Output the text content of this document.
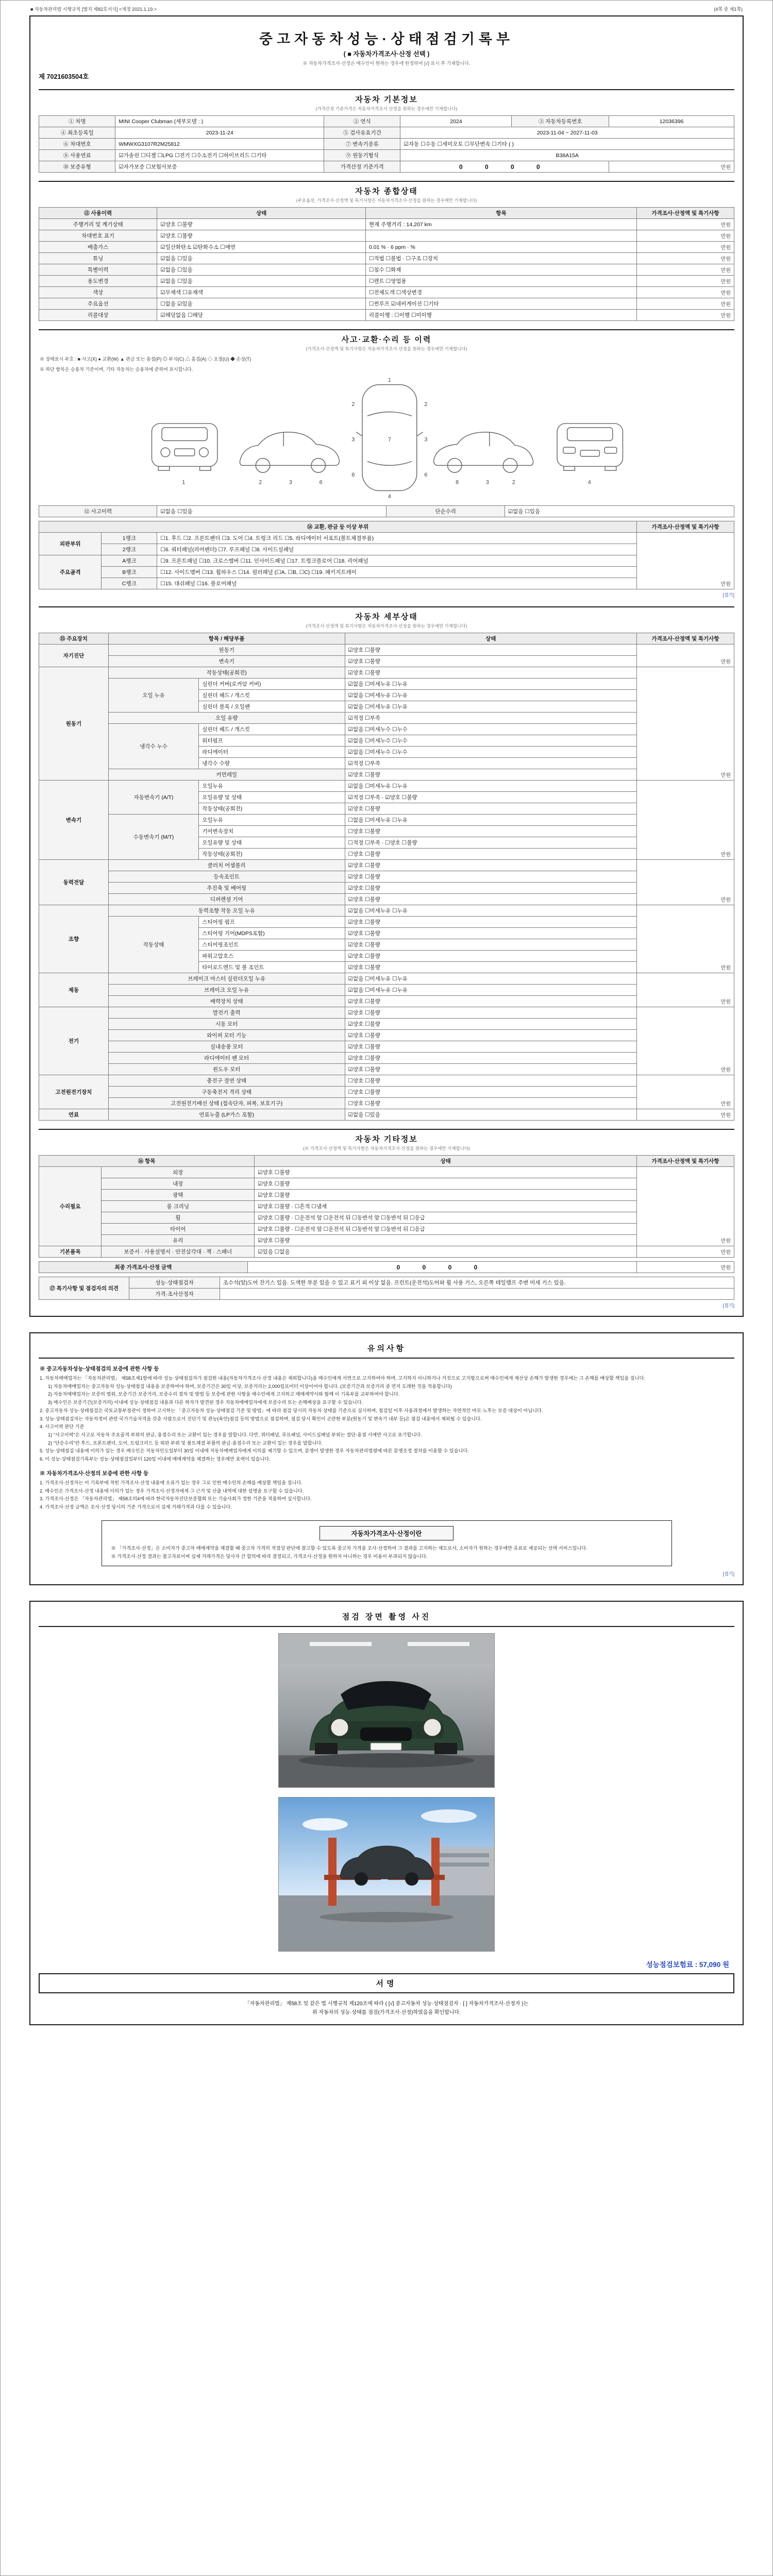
■ 자동차관리법 시행규칙 [별지 제82호서식] <개정 2021.1.19.>	(4쪽 중 제1쪽)
중고자동차성능·상태점검기록부
( ■ 자동차가격조사·산정 선택 )
※ 자동차가격조사·산정은 매수인이 원하는 경우에 한정하여 [√] 표시 후 기재합니다.
제 7021603504호
자동차 기본정보
(가격산정 기준가격은 자동차가격조사·산정을 원하는 경우에만 기재합니다)
① 차명	MINI Cooper Clubman (세부모델 : )	② 연식	2024	③ 자동차등록번호	12036396
④ 최초등록일	2023-11-24	⑤ 검사유효기간	2023-11-04 ~ 2027-11-03		
⑥ 차대번호	WMWXG3107R2M25812	⑦ 변속기종류	☑자동 ☐수동 ☐세미오토 ☐무단변속 ☐기타 ( )		
⑧ 사용연료	☑가솔린 ☐디젤 ☐LPG ☐전기 ☐수소전기 ☐하이브리드 ☐기타	⑨ 원동기형식	B38A15A		
⑩ 보증유형	☑자가보증 ☐보험사보증	가격산정 기준가격	0 0 0 0		만원
자동차 종합상태
(주요옵션, 가격조사·산정액 및 특기사항은 자동차가격조사·산정을 원하는 경우에만 기재합니다)
⑪ 사용이력	상태	항목	가격조사·산정액 및 특기사항
주행거리 및 계기상태	☑양호 ☐불량	현재 주행거리 : 14,207 km	만원
차대번호 표기	☑양호 ☐불량		만원
배출가스	☑일산화탄소 ☑탄화수소 ☐매연	0.01 % · 6 ppm · %	만원
튜닝	☑없음 ☐있음	☐적법 ☐불법 · ☐구조 ☐장치	만원
특별이력	☑없음 ☐있음	☐침수 ☐화재	만원
용도변경	☑없음 ☐있음	☐렌트 ☐영업용	만원
색상	☑무채색 ☐유채색	☐전체도색 ☐색상변경	만원
주요옵션	☐없음 ☑있음	☐썬루프 ☑네비게이션 ☐기타	만원
리콜대상	☑해당없음 ☐해당	리콜이행 : ☐이행 ☐미이행	만원
사고·교환·수리 등 이력
(가격조사·산정액 및 특기사항은 자동차가격조사·산정을 원하는 경우에만 기재합니다)
※ 상태표시 부호 : ■ 사고(X) ● 교환(W) ▲ 판금 또는 용접(P) ◎ 부식(C) △ 흠집(A) ◇ 요철(U) ◆ 손상(T)
※ 하단 항목은 승용차 기준이며, 기타 자동차는 승용차에 준하여 표시합니다.
1	2	3	6
1
7
4
2	2
6	6
3	3
8	3	2	4
⑫ 사고이력	☑없음 ☐있음	단순수리	☑없음 ☐있음
⑭ 교환, 판금 등 이상 부위			가격조사·산정액 및 특기사항
외판부위	1랭크	☐1. 후드 ☐2. 프론트펜더 ☐3. 도어 ☐4. 트렁크 리드 ☐5. 라디에이터 서포트(볼트체결부품)	만원
	2랭크	☐6. 쿼터패널(리어펜더) ☐7. 루프패널 ☐8. 사이드실패널	
주요골격	A랭크	☐9. 프론트패널 ☐10. 크로스멤버 ☐11. 인사이드패널 ☐17. 트렁크플로어 ☐18. 리어패널	
	B랭크	☐12. 사이드멤버 ☐13. 휠하우스 ☐14. 필러패널 (☐A, ☐B, ☐C) ☐19. 패키지트레이	
	C랭크	☐15. 대쉬패널 ☐16. 플로어패널	
[접기]
자동차 세부상태
(가격조사·산정액 및 특기사항은 자동차가격조사·산정을 원하는 경우에만 기재합니다)
⑮ 주요장치	항목 / 해당부품		상태	가격조사·산정액 및 특기사항
자기진단	원동기		☑양호 ☐불량	만원
	변속기		☑양호 ☐불량	
원동기	작동상태(공회전)		☑양호 ☐불량	만원
	오일 누유	실린더 커버(로커암 커버)	☑없음 ☐미세누유 ☐누유	
		실린더 헤드 / 개스킷	☑없음 ☐미세누유 ☐누유	
		실린더 블록 / 오일팬	☑없음 ☐미세누유 ☐누유	
	오일 유량		☑적정 ☐부족	
	냉각수 누수	실린더 헤드 / 개스킷	☑없음 ☐미세누수 ☐누수	
		워터펌프	☑없음 ☐미세누수 ☐누수	
		라디에이터	☑없음 ☐미세누수 ☐누수	
		냉각수 수량	☑적정 ☐부족	
	커먼레일		☑양호 ☐불량	
변속기	자동변속기 (A/T)	오일누유	☑없음 ☐미세누유 ☐누유	만원
		오일유량 및 상태	☑적정 ☐부족 · ☑양호 ☐불량	
		작동상태(공회전)	☑양호 ☐불량	
	수동변속기 (M/T)	오일누유	☐없음 ☐미세누유 ☐누유	
		기어변속장치	☐양호 ☐불량	
		오일유량 및 상태	☐적정 ☐부족 · ☐양호 ☐불량	
		작동상태(공회전)	☐양호 ☐불량	
동력전달	클러치 어셈블리		☑양호 ☐불량	만원
	등속조인트		☑양호 ☐불량	
	추진축 및 베어링		☑양호 ☐불량	
	디퍼렌셜 기어		☑양호 ☐불량	
조향	동력조향 작동 오일 누유		☑없음 ☐미세누유 ☐누유	만원
	작동상태	스티어링 펌프	☑양호 ☐불량	
		스티어링 기어(MDPS포함)	☑양호 ☐불량	
		스티어링조인트	☑양호 ☐불량	
		파워고압호스	☑양호 ☐불량	
		타이로드엔드 및 볼 조인트	☑양호 ☐불량	
제동	브레이크 마스터 실린더오일 누유		☑없음 ☐미세누유 ☐누유	만원
	브레이크 오일 누유		☑없음 ☐미세누유 ☐누유	
	배력장치 상태		☑양호 ☐불량	
전기	발전기 출력		☑양호 ☐불량	만원
	시동 모터		☑양호 ☐불량	
	와이퍼 모터 기능		☑양호 ☐불량	
	실내송풍 모터		☑양호 ☐불량	
	라디에이터 팬 모터		☑양호 ☐불량	
	윈도우 모터		☑양호 ☐불량	
고전원전기장치	충전구 절연 상태		☐양호 ☐불량	만원
	구동축전지 격리 상태		☐양호 ☐불량	
	고전원전기배선 상태 (접속단자, 피복, 보호기구)		☐양호 ☐불량	
연료	연료누출 (LP가스 포함)		☑없음 ☐있음	만원
자동차 기타정보
(※ 가격조사·산정액 및 특기사항은 자동차가격조사·산정을 원하는 경우에만 기재합니다)
⑯ 항목		상태	가격조사·산정액 및 특기사항
수리필요	외장	☑양호 ☐불량	만원
	내장	☑양호 ☐불량	
	광택	☑양호 ☐불량	
	룸 크리닝	☑양호 ☐불량 · ☐흔적 ☐냄새	
	휠	☑양호 ☐불량 · ☐운전석 앞 ☐운전석 뒤 ☐동반석 앞 ☐동반석 뒤 ☐응급	
	타이어	☑양호 ☐불량 · ☐운전석 앞 ☐운전석 뒤 ☐동반석 앞 ☐동반석 뒤 ☐응급	
	유리	☑양호 ☐불량	
기본품목	보증서 · 사용설명서 · 안전삼각대 · 잭 · 스패너	☑있음 ☐없음	만원
최종 가격조사·산정 금액	0 0 0 0	만원
⑰ 특기사항 및 점검자의 의견	성능·상태점검자	조수석(앞)도어 잔기스 있음. 도색한 부분 있을 수 있고 표기 외 이상 없음. 프런트(운전석)도어와 휠 사용 기스, 오른쪽 테일램프 주변 미세 기스 있음.
	가격·조사산정자	
[접기]
유의사항
※ 중고자동차성능·상태점검의 보증에 관한 사항 등
1. 자동차매매업자는 「자동차관리법」 제58조제1항에 따라 성능·상태점검자가 점검한 내용(자동차가격조사·산정 내용은 제외합니다)을 매수인에게 서면으로 고지하여야 하며, 고지하지 아니하거나 거짓으로 고지함으로써 매수인에게 재산상 손해가 발생한 경우에는 그 손해를 배상할 책임을 집니다.
1) 자동차매매업자는 중고자동차 성능·상태점검 내용을 보증하여야 하며, 보증기간은 30일 이상, 보증거리는 2,000킬로미터 이상이어야 합니다. (보증기간과 보증거리 중 먼저 도래한 것을 적용합니다)
2) 자동차매매업자는 보증의 범위, 보증기간·보증거리, 보증수리 절차 및 방법 등 보증에 관한 사항을 매수인에게 고지하고 매매계약서와 함께 이 기록부를 교부하여야 합니다.
3) 매수인은 보증기간(보증거리) 이내에 성능·상태점검 내용과 다른 하자가 발견된 경우 자동차매매업자에게 보증수리 또는 손해배상을 요구할 수 있습니다.
2. 중고자동차 성능·상태점검은 국토교통부장관이 정하여 고시하는 「중고자동차 성능·상태점검 기준 및 방법」에 따라 점검 당시의 자동차 상태를 기준으로 실시하며, 점검일 이후 사용과정에서 발생하는 자연적인 마모·노후는 보증 대상이 아닙니다.
3. 성능·상태점검자는 자동차정비 관련 국가기술자격을 갖춘 사람으로서 진단기 및 관능(육안)점검 등의 방법으로 점검하며, 점검 당시 확인이 곤란한 부분(원동기 및 변속기 내부 등)은 점검 내용에서 제외될 수 있습니다.
4. 사고이력 판단 기준
1) "사고이력"은 사고로 자동차 주요골격 부위의 판금, 용접수리 또는 교환이 있는 경우를 말합니다. 다만, 쿼터패널, 루프패널, 사이드실패널 부위는 절단·용접 시에만 사고로 표기합니다.
2) "단순수리"란 후드, 프론트펜더, 도어, 트렁크리드 등 외판 부위 및 볼트체결 부품의 판금·용접수리 또는 교환이 있는 경우를 말합니다.
5. 성능·상태점검 내용에 이의가 있는 경우 매수인은 자동차인도일부터 30일 이내에 자동차매매업자에게 이의를 제기할 수 있으며, 분쟁이 발생한 경우 자동차관리법령에 따른 분쟁조정 절차를 이용할 수 있습니다.
6. 이 성능·상태점검기록부는 성능·상태점검일부터 120일 이내에 매매계약을 체결하는 경우에만 효력이 있습니다.
※ 자동차가격조사·산정의 보증에 관한 사항 등
1. 가격조사·산정자는 이 기록부에 적힌 가격조사·산정 내용에 오류가 있는 경우 그로 인한 매수인의 손해를 배상할 책임을 집니다.
2. 매수인은 가격조사·산정 내용에 이의가 있는 경우 가격조사·산정자에게 그 근거 및 산출 내역에 대한 설명을 요구할 수 있습니다.
3. 가격조사·산정은 「자동차관리법」 제58조의4에 따라 한국자동차진단보증협회 또는 기술사회가 정한 기준을 적용하여 실시합니다.
4. 가격조사·산정 금액은 조사·산정 당시의 기준 가격으로서 실제 거래가격과 다를 수 있습니다.
자동차가격조사·산정이란
※ 「가격조사·산정」은 소비자가 중고차 매매계약을 체결할 때 중고차 가격의 적절성 판단에 참고할 수 있도록 중고차 가격을 조사·산정하여 그 결과를 고지하는 제도로서, 소비자가 원하는 경우에만 유료로 제공되는 선택 서비스입니다.
※ 가격조사·산정 결과는 참고자료이며 실제 거래가격은 당사자 간 합의에 따라 결정되고, 가격조사·산정을 원하지 아니하는 경우 비용이 부과되지 않습니다.
[접기]
점검 장면 촬영 사진
성능점검보험료 : 57,090 원
서명
「자동차관리법」 제58조 및 같은 법 시행규칙 제120조에 따라 ( [√] 중고자동차 성능·상태점검자 · [ ] 자동차가격조사·산정자 )는
위 자동차의 성능·상태를 점검(가격조사·산정)하였음을 확인합니다.
